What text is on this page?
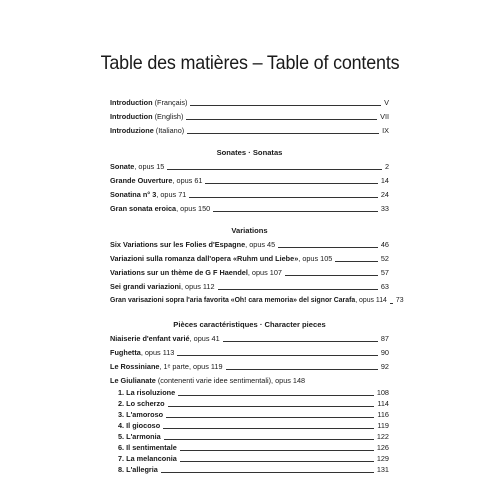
Table des matières – Table of contents
Introduction (Français)	V
Introduction (English)	VII
Introduzione (Italiano)	IX
Sonates · Sonatas
Sonate, opus 15	2
Grande Ouverture, opus 61	14
Sonatina n° 3, opus 71	24
Gran sonata eroica, opus 150	33
Variations
Six Variations sur les Folies d'Espagne, opus 45	46
Variazioni sulla romanza dall'opera «Ruhm und Liebe», opus 105	52
Variations sur un thème de G F Haendel, opus 107	57
Sei grandi variazioni, opus 112	63
Gran varisazioni sopra l'aria favorita «Oh! cara memoria» del signor Carafa, opus 114 73
Pièces caractéristiques · Character pieces
Niaiserie d'enfant varié, opus 41	87
Fughetta, opus 113	90
Le Rossiniane, 1ᵉ parte, opus 119	92
Le Giulianate (contenenti varie idee sentimentali), opus 148
1. La risoluzione	108
2. Lo scherzo	114
3. L'amoroso	116
4. Il giocoso	119
5. L'armonia	122
6. Il sentimentale	126
7. La melanconia	129
8. L'allegria	131
